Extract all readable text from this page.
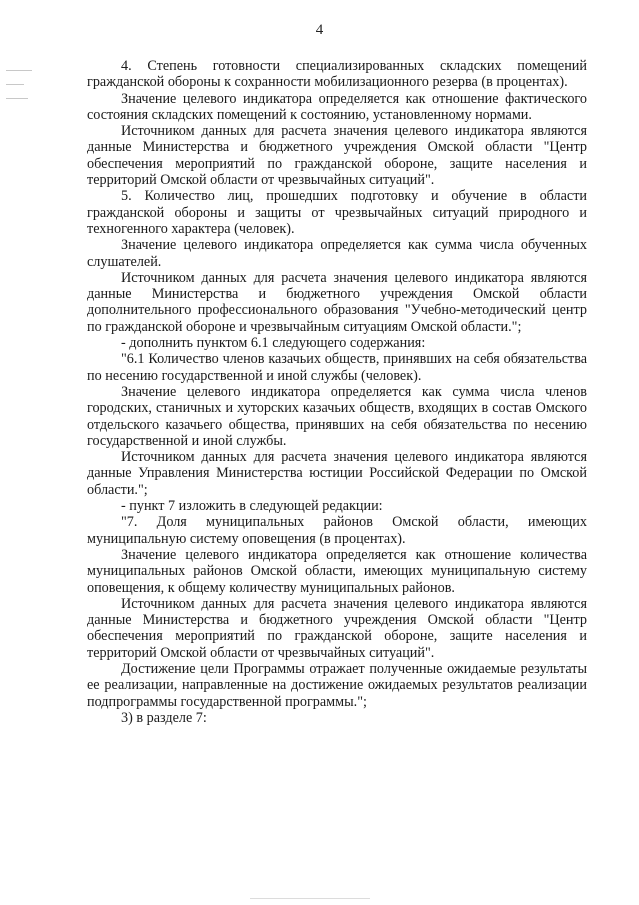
4

4. Степень готовности специализированных складских помещений гражданской обороны к сохранности мобилизационного резерва (в процентах).

Значение целевого индикатора определяется как отношение фактического состояния складских помещений к состоянию, установленному нормами.

Источником данных для расчета значения целевого индикатора являются данные Министерства и бюджетного учреждения Омской области "Центр обеспечения мероприятий по гражданской обороне, защите населения и территорий Омской области от чрезвычайных ситуаций".

5. Количество лиц, прошедших подготовку и обучение в области гражданской обороны и защиты от чрезвычайных ситуаций природного и техногенного характера (человек).

Значение целевого индикатора определяется как сумма числа обученных слушателей.

Источником данных для расчета значения целевого индикатора являются данные Министерства и бюджетного учреждения Омской области дополнительного профессионального образования "Учебно-методический центр по гражданской обороне и чрезвычайным ситуациям Омской области.";

- дополнить пунктом 6.1 следующего содержания:

"6.1 Количество членов казачьих обществ, принявших на себя обязательства по несению государственной и иной службы (человек).

Значение целевого индикатора определяется как сумма числа членов городских, станичных и хуторских казачьих обществ, входящих в состав Омского отдельского казачьего общества, принявших на себя обязательства по несению государственной и иной службы.

Источником данных для расчета значения целевого индикатора являются данные Управления Министерства юстиции Российской Федерации по Омской области.";

- пункт 7 изложить в следующей редакции:

"7. Доля муниципальных районов Омской области, имеющих муниципальную систему оповещения (в процентах).

Значение целевого индикатора определяется как отношение количества муниципальных районов Омской области, имеющих муниципальную систему оповещения, к общему количеству муниципальных районов.

Источником данных для расчета значения целевого индикатора являются данные Министерства и бюджетного учреждения Омской области "Центр обеспечения мероприятий по гражданской обороне, защите населения и территорий Омской области от чрезвычайных ситуаций".

Достижение цели Программы отражает полученные ожидаемые результаты ее реализации, направленные на достижение ожидаемых результатов реализации подпрограммы государственной программы.";

3) в разделе 7:
